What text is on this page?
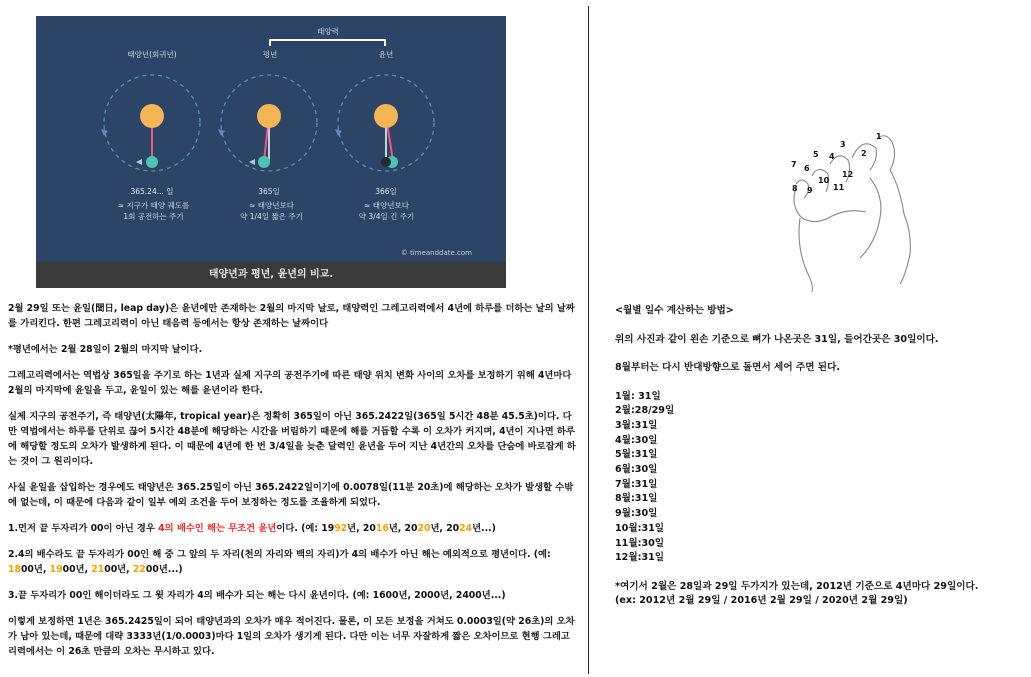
태양년(회귀년)
태양력
평년	윤년
365.24... 일	365일	366일
≈ 지구가 태양 궤도를
1회 공전하는 주기
≈ 태양년보다
약 1/4일 짧은 주기
≈ 태양년보다
약 3/4일 긴 주기
© timeanddate.com
태양년과 평년, 윤년의 비교.

2월 29일 또는 윤일(閏日, leap day)은 윤년에만 존재하는 2월의 마지막 날로, 태양력인 그레고리력에서 4년에 하루를 더하는 날의 날짜를 가리킨다. 한편 그레고리력이 아닌 태음력 등에서는 항상 존재하는 날짜이다

*평년에서는 2월 28일이 2월의 마지막 날이다.

그레고리력에서는 역법상 365일을 주기로 하는 1년과 실제 지구의 공전주기에 따른 태양 위치 변화 사이의 오차를 보정하기 위해 4년마다 2월의 마지막에 윤일을 두고, 윤일이 있는 해를 윤년이라 한다.

실제 지구의 공전주기, 즉 태양년(太陽年, tropical year)은 정확히 365일이 아닌 365.2422일(365일 5시간 48분 45.5초)이다. 다만 역법에서는 하루를 단위로 끊어 5시간 48분에 해당하는 시간을 버림하기 때문에 해를 거듭할 수록 이 오차가 커지며, 4년이 지나면 하루에 해당할 정도의 오차가 발생하게 된다. 이 때문에 4년에 한 번 3/4일을 늦춘 달력인 윤년을 두어 지난 4년간의 오차를 단숨에 바로잡게 하는 것이 그 원리이다.

사실 윤일을 삽입하는 경우에도 태양년은 365.25일이 아닌 365.2422일이기에 0.0078일(11분 20초)에 해당하는 오차가 발생할 수밖에 없는데, 이 때문에 다음과 같이 일부 예외 조건을 두어 보정하는 정도를 조율하게 되었다.

1.먼저 끝 두자리가 00이 아닌 경우 4의 배수인 해는 무조건 윤년이다. (예: 1992년, 2016년, 2020년, 2024년...)

2.4의 배수라도 끝 두자리가 00인 해 중 그 앞의 두 자리(천의 자리와 백의 자리)가 4의 배수가 아닌 해는 예외적으로 평년이다. (예: 1800년, 1900년, 2100년, 2200년...)

3.끝 두자리가 00인 해이더라도 그 윗 자리가 4의 배수가 되는 해는 다시 윤년이다. (예: 1600년, 2000년, 2400년...)

이렇게 보정하면 1년은 365.2425일이 되어 태양년과의 오차가 매우 적어진다. 물론, 이 모든 보정을 거쳐도 0.0003일(약 26초)의 오차가 남아 있는데, 때문에 대략 3333년(1/0.0003)마다 1일의 오차가 생기게 된다. 다만 이는 너무 자잘하게 짧은 오차이므로 현행 그레고리력에서는 이 26초 만큼의 오차는 무시하고 있다.

1
2
3
4
5
6
7
8 9
10
11
12

<월별 일수 계산하는 방법>

위의 사진과 같이 왼손 기준으로 뼈가 나온곳은 31일, 들어간곳은 30일이다.

8월부터는 다시 반대방향으로 돌면서 세어 주면 된다.

1월: 31일
2월:28/29일
3월:31일
4월:30일
5월:31일
6월:30일
7월:31일
8월:31일
9월:30일
10월:31일
11월:30일
12월:31일

*여기서 2월은 28일과 29일 두가지가 있는데, 2012년 기준으로 4년마다 29일이다.

(ex: 2012년 2월 29일 / 2016년 2월 29일 / 2020년 2월 29일)
